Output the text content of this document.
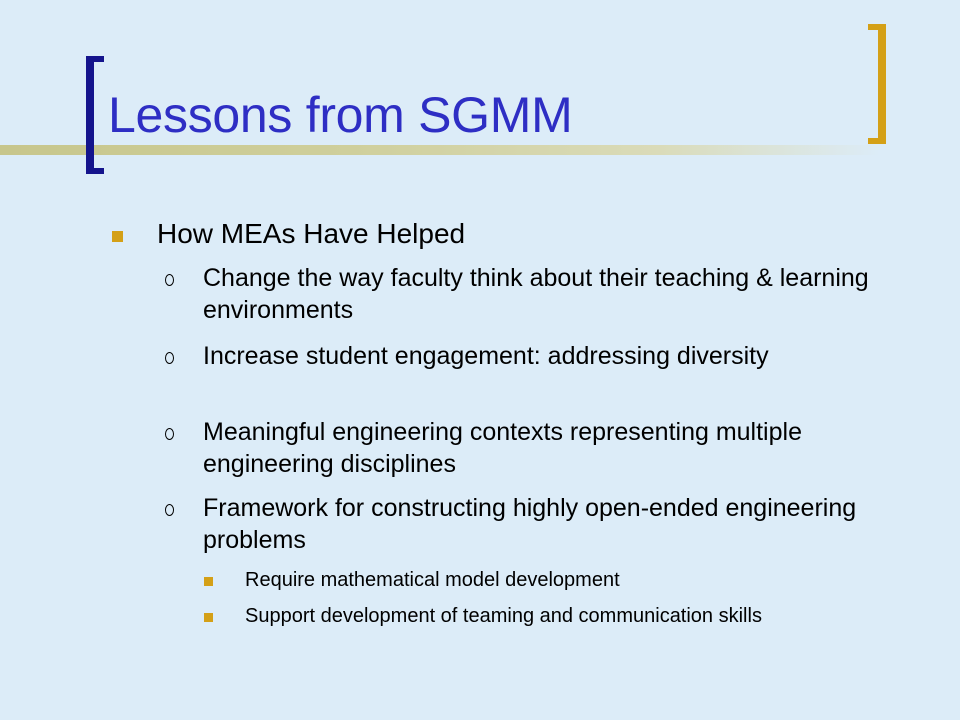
Lessons from SGMM
How MEAs Have Helped
Change the way faculty think about their teaching & learning environments
Increase student engagement: addressing diversity
Meaningful engineering contexts representing multiple engineering disciplines
Framework for constructing highly open-ended engineering problems
Require mathematical model development
Support development of teaming and communication skills
